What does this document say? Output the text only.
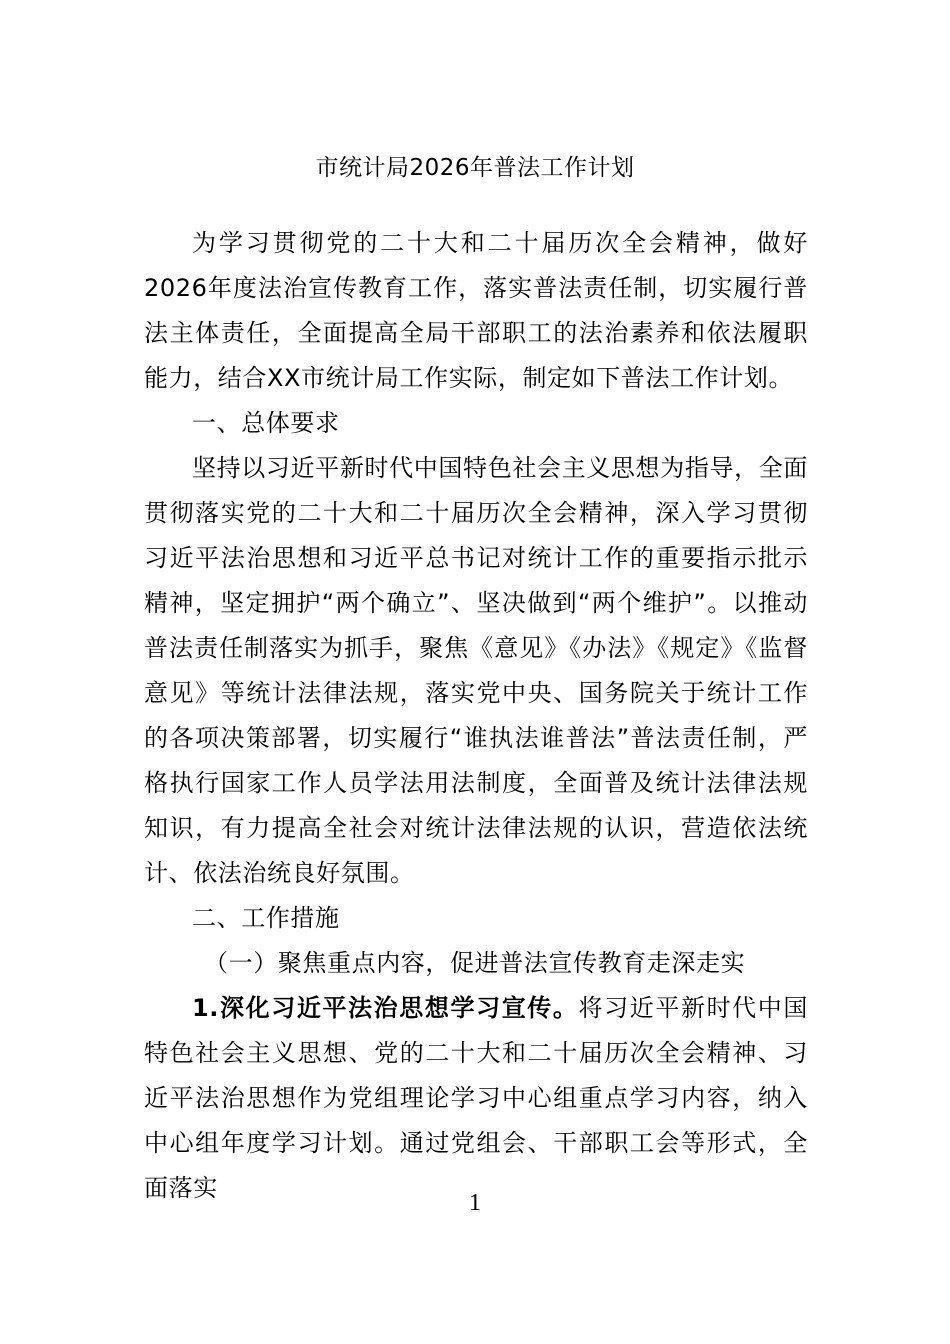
市统计局2026年普法工作计划

为学习贯彻党的二十大和二十届历次全会精神，做好2026年度法治宣传教育工作，落实普法责任制，切实履行普法主体责任，全面提高全局干部职工的法治素养和依法履职能力，结合XX市统计局工作实际，制定如下普法工作计划。

一、总体要求

坚持以习近平新时代中国特色社会主义思想为指导，全面贯彻落实党的二十大和二十届历次全会精神，深入学习贯彻习近平法治思想和习近平总书记对统计工作的重要指示批示精神，坚定拥护“两个确立”、坚决做到“两个维护”。以推动普法责任制落实为抓手，聚焦《意见》《办法》《规定》《监督意见》等统计法律法规，落实党中央、国务院关于统计工作的各项决策部署，切实履行“谁执法谁普法”普法责任制，严格执行国家工作人员学法用法制度，全面普及统计法律法规知识，有力提高全社会对统计法律法规的认识，营造依法统计、依法治统良好氛围。

二、工作措施

（一）聚焦重点内容，促进普法宣传教育走深走实

1.深化习近平法治思想学习宣传。将习近平新时代中国特色社会主义思想、党的二十大和二十届历次全会精神、习近平法治思想作为党组理论学习中心组重点学习内容，纳入中心组年度学习计划。通过党组会、干部职工会等形式，全面落实

1
